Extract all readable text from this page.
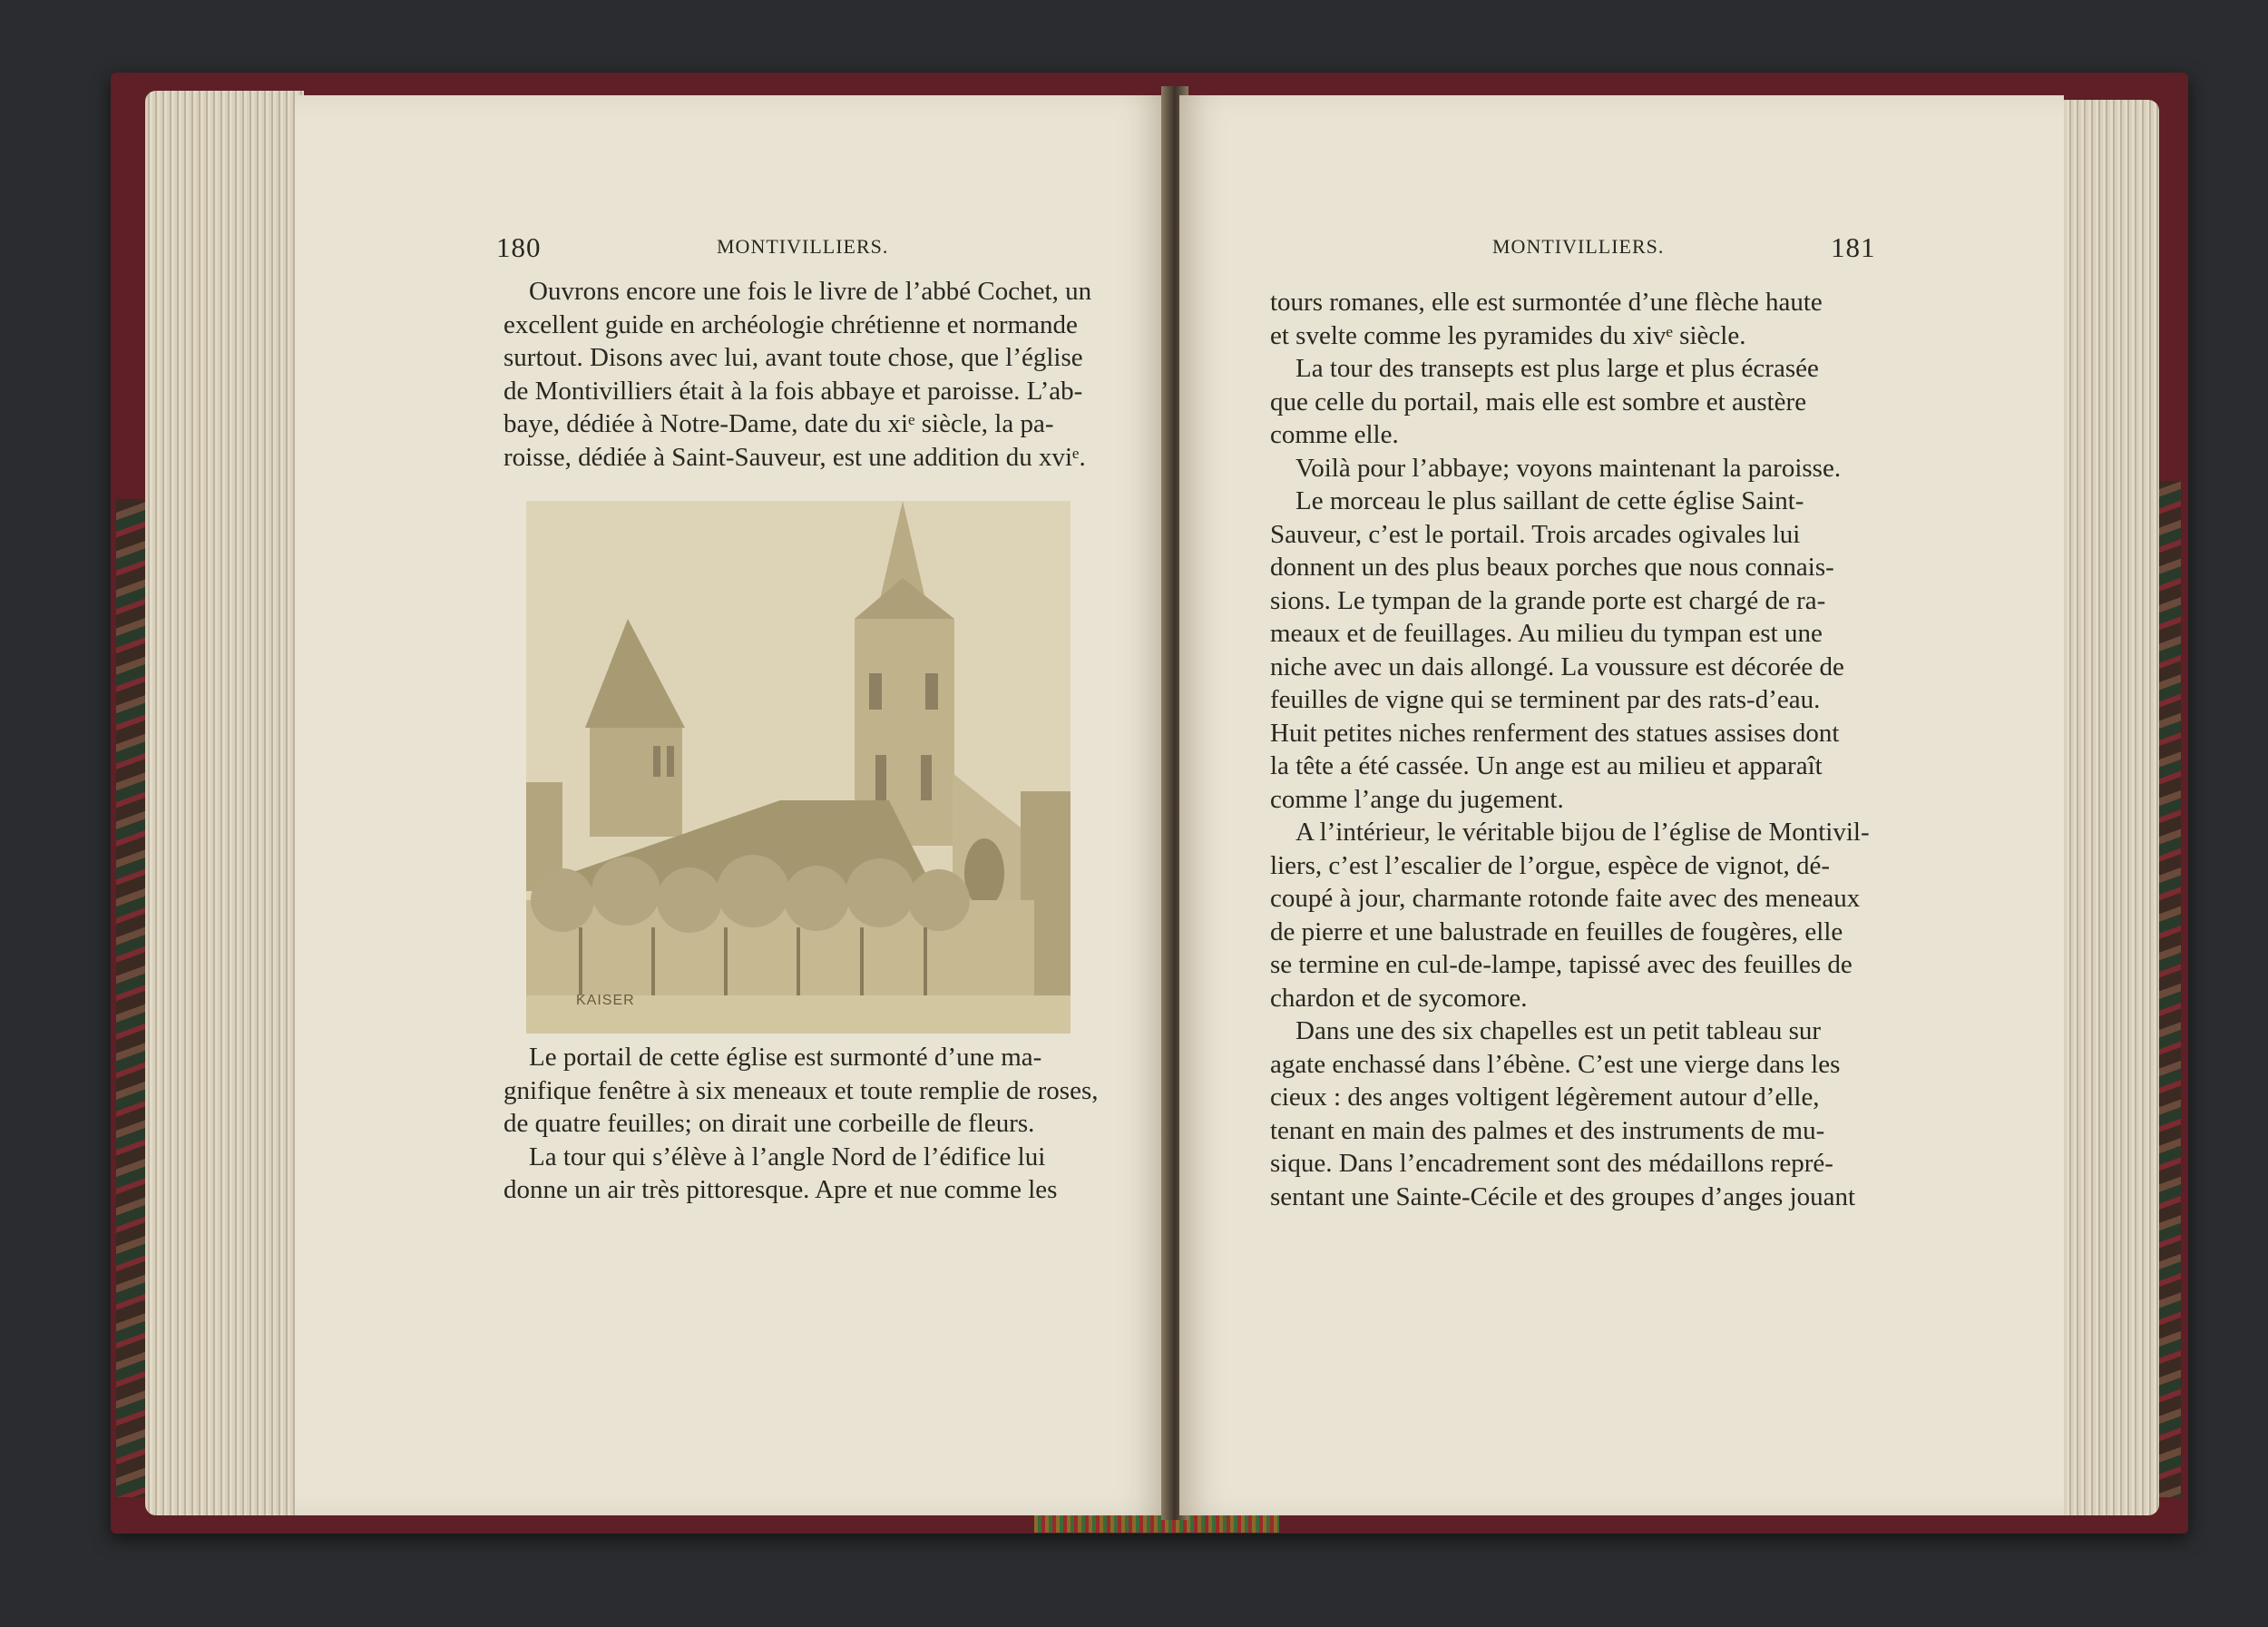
180	MONTIVILLIERS.
Ouvrons encore une fois le livre de l’abbé Cochet, un
excellent guide en archéologie chrétienne et normande
surtout. Disons avec lui, avant toute chose, que l’église
de Montivilliers était à la fois abbaye et paroisse. L’ab-
baye, dédiée à Notre-Dame, date du xiᵉ siècle, la pa-
roisse, dédiée à Saint-Sauveur, est une addition du xviᵉ.
KAISER
Le portail de cette église est surmonté d’une ma-
gnifique fenêtre à six meneaux et toute remplie de roses,
de quatre feuilles; on dirait une corbeille de fleurs.
La tour qui s’élève à l’angle Nord de l’édifice lui
donne un air très pittoresque. Apre et nue comme les
MONTIVILLIERS.	181
tours romanes, elle est surmontée d’une flèche haute
et svelte comme les pyramides du xivᵉ siècle.
La tour des transepts est plus large et plus écrasée
que celle du portail, mais elle est sombre et austère
comme elle.
Voilà pour l’abbaye; voyons maintenant la paroisse.
Le morceau le plus saillant de cette église Saint-
Sauveur, c’est le portail. Trois arcades ogivales lui
donnent un des plus beaux porches que nous connais-
sions. Le tympan de la grande porte est chargé de ra-
meaux et de feuillages. Au milieu du tympan est une
niche avec un dais allongé. La voussure est décorée de
feuilles de vigne qui se terminent par des rats-d’eau.
Huit petites niches renferment des statues assises dont
la tête a été cassée. Un ange est au milieu et apparaît
comme l’ange du jugement.
A l’intérieur, le véritable bijou de l’église de Montivil-
liers, c’est l’escalier de l’orgue, espèce de vignot, dé-
coupé à jour, charmante rotonde faite avec des meneaux
de pierre et une balustrade en feuilles de fougères, elle
se termine en cul-de-lampe, tapissé avec des feuilles de
chardon et de sycomore.
Dans une des six chapelles est un petit tableau sur
agate enchassé dans l’ébène. C’est une vierge dans les
cieux : des anges voltigent légèrement autour d’elle,
tenant en main des palmes et des instruments de mu-
sique. Dans l’encadrement sont des médaillons repré-
sentant une Sainte-Cécile et des groupes d’anges jouant
